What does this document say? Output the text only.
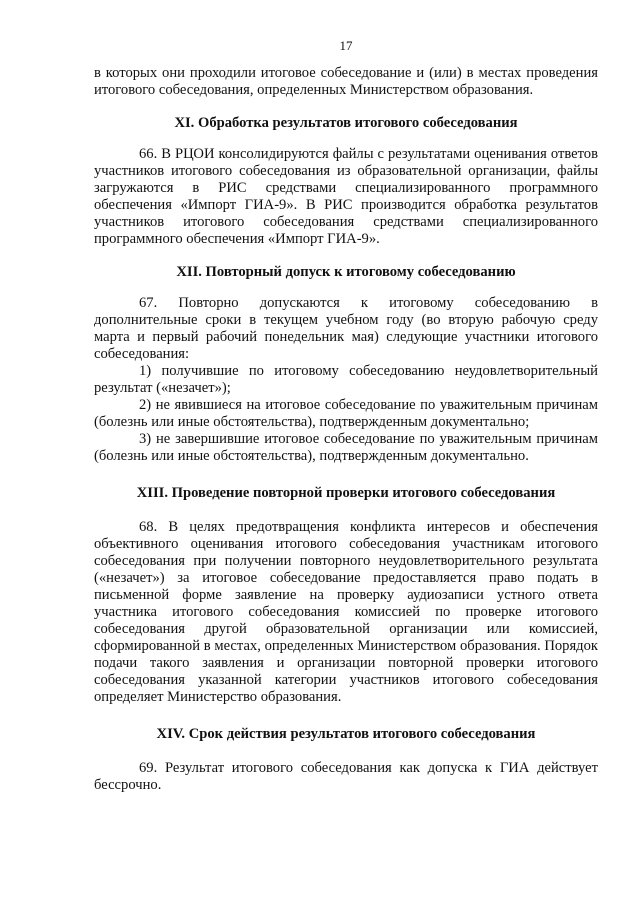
17

в которых они проходили итоговое собеседование и (или) в местах проведения итогового собеседования, определенных Министерством образования.

XI. Обработка результатов итогового собеседования

66. В РЦОИ консолидируются файлы с результатами оценивания ответов участников итогового собеседования из образовательной организации, файлы загружаются в РИС средствами специализированного программного обеспечения «Импорт ГИА-9». В РИС производится обработка результатов участников итогового собеседования средствами специализированного программного обеспечения «Импорт ГИА-9».

XII. Повторный допуск к итоговому собеседованию

67. Повторно допускаются к итоговому собеседованию в дополнительные сроки в текущем учебном году (во вторую рабочую среду марта и первый рабочий понедельник мая) следующие участники итогового собеседования:

1) получившие по итоговому собеседованию неудовлетворительный результат («незачет»);

2) не явившиеся на итоговое собеседование по уважительным причинам (болезнь или иные обстоятельства), подтвержденным документально;

3) не завершившие итоговое собеседование по уважительным причинам (болезнь или иные обстоятельства), подтвержденным документально.

XIII. Проведение повторной проверки итогового собеседования

68. В целях предотвращения конфликта интересов и обеспечения объективного оценивания итогового собеседования участникам итогового собеседования при получении повторного неудовлетворительного результата («незачет») за итоговое собеседование предоставляется право подать в письменной форме заявление на проверку аудиозаписи устного ответа участника итогового собеседования комиссией по проверке итогового собеседования другой образовательной организации или комиссией, сформированной в местах, определенных Министерством образования. Порядок подачи такого заявления и организации повторной проверки итогового собеседования указанной категории участников итогового собеседования определяет Министерство образования.

XIV. Срок действия результатов итогового собеседования

69. Результат итогового собеседования как допуска к ГИА действует бессрочно.
